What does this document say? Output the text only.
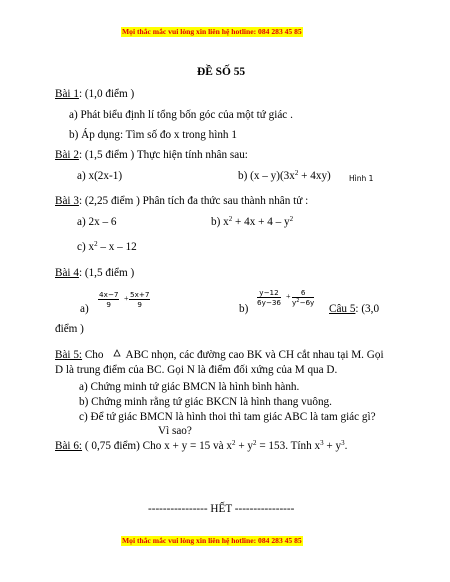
Mọi thắc mắc vui lòng xin liên hệ hotline: 084 283 45 85
ĐỀ SỐ 55
Bài 1: (1,0 điểm )
a) Phát biểu định lí tổng bốn góc của một tứ giác .
b) Áp dụng: Tìm số đo x trong hình 1
Bài 2: (1,5 điểm ) Thực hiện tính nhân sau:
a) x(2x-1)	b) $(x - y)(3x^2 + 4xy)$ Hình 1
Bài 3: (2,25 điểm ) Phân tích đa thức sau thành nhân tử :
a) 2x – 6	b) $x^2 + 4x + 4 - y^2$
c) $x^2$ – x – 12
Bài 4: (1,5 điểm )
$a) \frac{4x-7}{9} + \frac{5x+7}{9}$	b)
$\frac{y-12}{6y-36} + \frac{6}{y^2-6y}$
Câu 5: (3,0
điểm )
Bài 5: Cho ABC nhọn, các đường cao BK và CH cắt nhau tại M. Gọi
D là trung điểm của BC. Gọi N là điểm đối xứng của M qua D.
a) Chứng minh tứ giác BMCN là hình bình hành.
b) Chứng minh rằng tứ giác BKCN là hình thang vuông.
c) Để tứ giác BMCN là hình thoi thì tam giác ABC là tam giác gì?
Vì sao?
Bài 6: ( 0,75 điểm) Cho x + y = 15 và $x^2 + y^2 = 153$. Tính $x^3 + y^3$.
---------------- HẾT ----------------
Mọi thắc mắc vui lòng xin liên hệ hotline: 084 283 45 85
